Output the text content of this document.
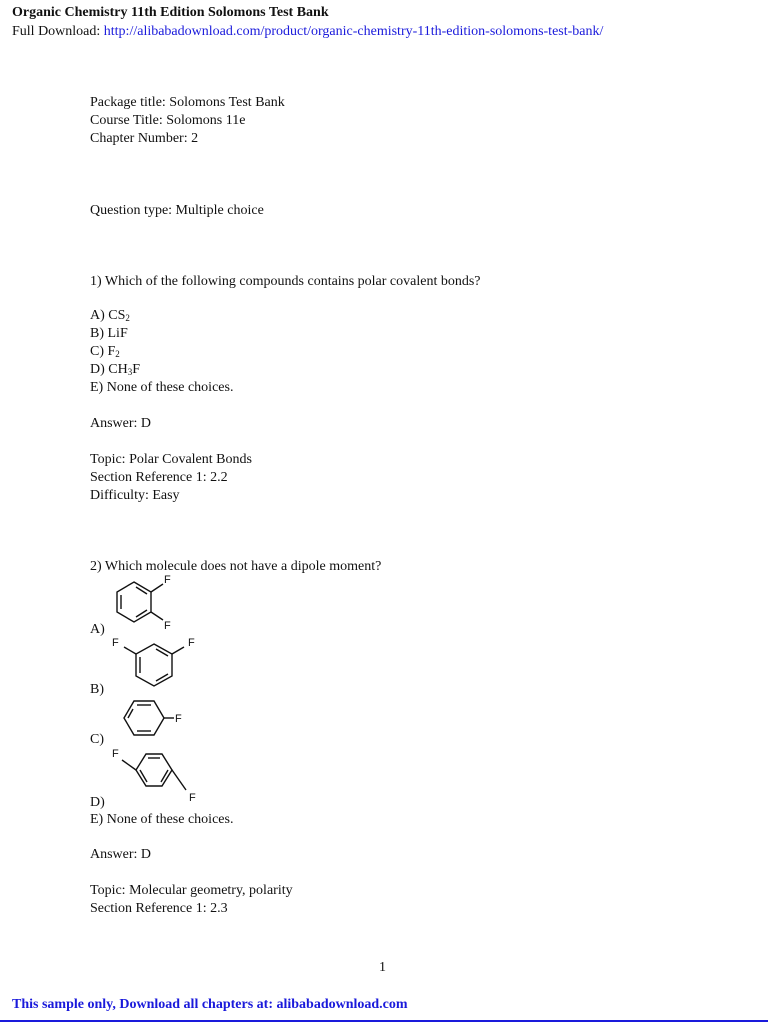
Organic Chemistry 11th Edition Solomons Test Bank
Full Download: http://alibabadownload.com/product/organic-chemistry-11th-edition-solomons-test-bank/
Package title: Solomons Test Bank
Course Title: Solomons 11e
Chapter Number: 2
Question type: Multiple choice
1) Which of the following compounds contains polar covalent bonds?
A) $CS_2$
B) LiF
C) $F_2$
D) $CH_3F$
E) None of these choices.
Answer: D
Topic: Polar Covalent Bonds
Section Reference 1: 2.2
Difficulty: Easy
2) Which molecule does not have a dipole moment?
A)
F
F
B)
F	F
C)
F
D)
F
F
E) None of these choices.
Answer: D
Topic: Molecular geometry, polarity
Section Reference 1: 2.3
1
This sample only, Download all chapters at: alibabadownload.com
